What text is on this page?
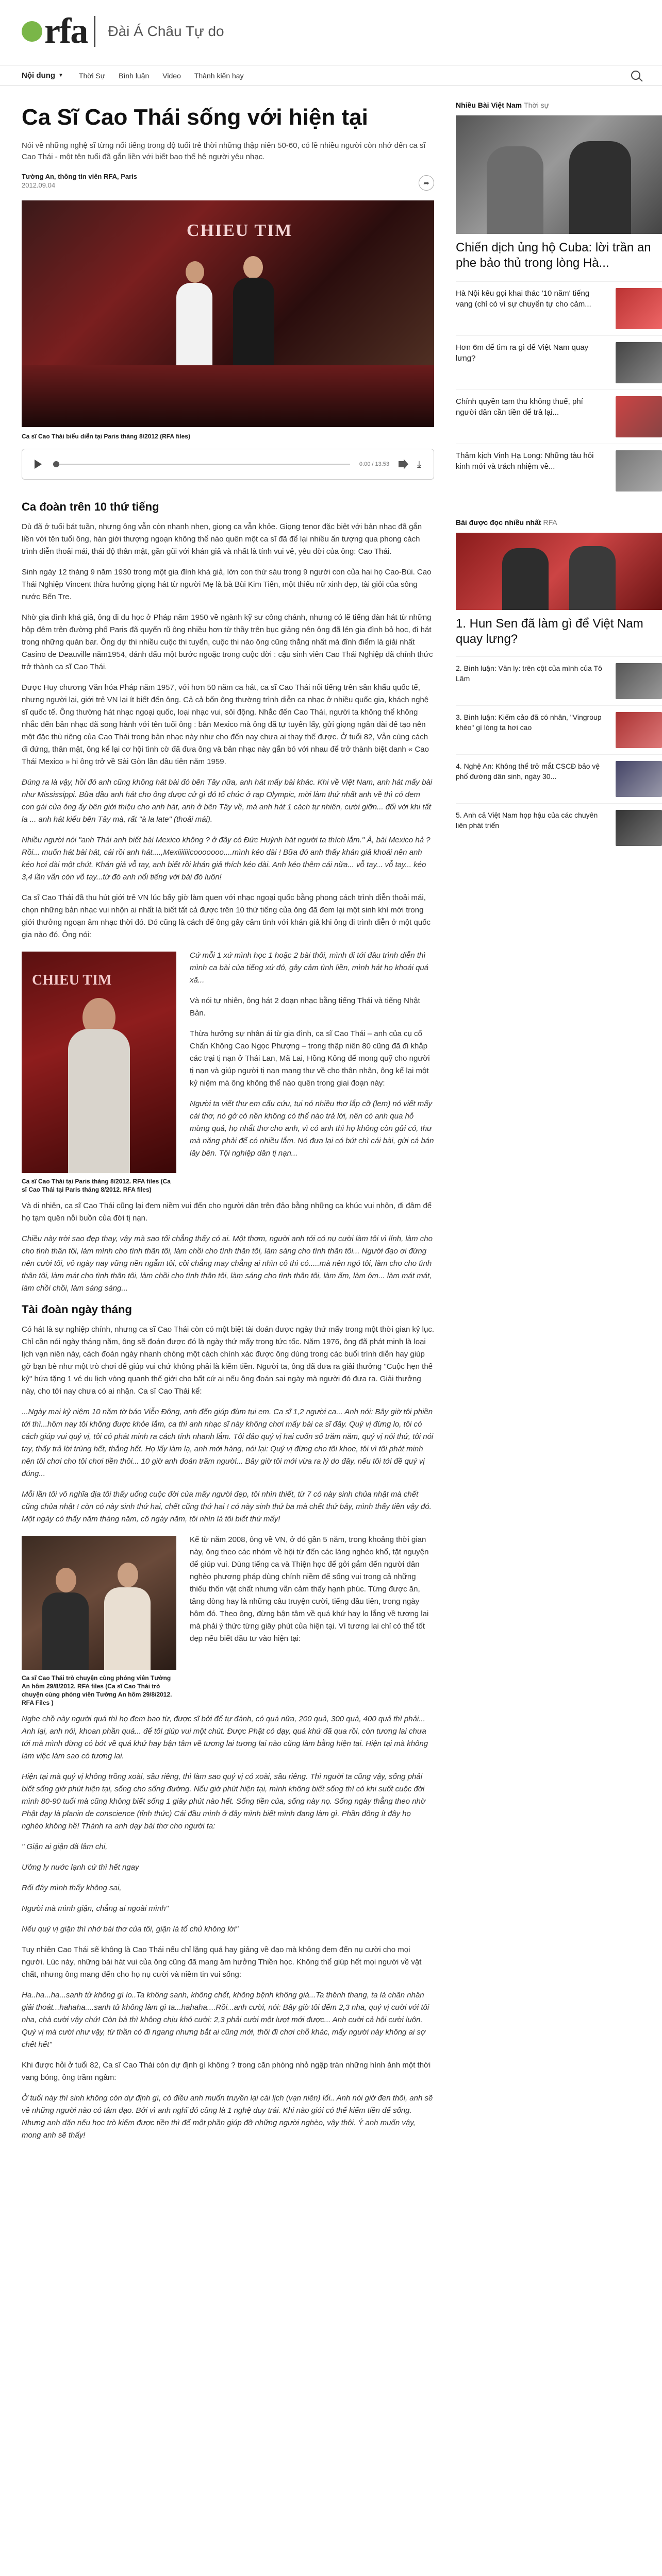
rfa Đài Á Châu Tự do
Nội dung ▼ Thời Sự Bình luận Video Thành kiến hay
Ca Sĩ Cao Thái sống với hiện tại

Nói về những nghệ sĩ từng nổi tiếng trong độ tuổi trẻ thời những thập niên 50-60, có lẽ nhiều người còn nhớ đến ca sĩ Cao Thái - một tên tuổi đã gắn liền với biết bao thế hệ người yêu nhạc.

Tường An, thông tin viên RFA, Paris
2012.09.04	➦
CHIEU TIM
Ca sĩ Cao Thái biểu diễn tại Paris tháng 8/2012 (RFA files)
0:00 / 13:53	⤓
Ca đoàn trên 10 thứ tiếng

Dù đã ở tuổi bát tuần, nhưng ông vẫn còn nhanh nhẹn, giọng ca vẫn khỏe. Giọng tenor đặc biệt với bản nhạc đã gắn liền với tên tuổi ông, hàn giới thượng ngoạn không thể nào quên một ca sĩ đã để lại nhiều ấn tượng qua phong cách trình diễn thoải mái, thái độ thân mật, gần gũi với khán giả và nhất là tính vui vẻ, yêu đời của ông: Cao Thái.

Sinh ngày 12 tháng 9 năm 1930 trong một gia đình khá giả, lớn con thứ sáu trong 9 người con của hai họ Cao-Bùi. Cao Thái Nghiệp Vincent thừa hưởng giọng hát từ người Mẹ là bà Bùi Kim Tiến, một thiếu nữ xinh đẹp, tài giỏi của sông nước Bến Tre.

Nhờ gia đình khá giả, ông đi du học ở Pháp năm 1950 về ngành kỹ sư công chánh, nhưng có lẽ tiếng đàn hát từ những hộp đêm trên đường phố Paris đã quyến rũ ông nhiều hơn từ thầy trên bục giảng nên ông đã lén gia đình bỏ học, đi hát trong những quán bar. Ông dự thi nhiều cuộc thi tuyển, cuộc thi nào ông cũng thắng nhất mà đỉnh điểm là giải nhất Casino de Deauville năm1954, đánh dấu một bước ngoặc trong cuộc đời : cậu sinh viên Cao Thái Nghiệp đã chính thức trở thành ca sĩ Cao Thái.

Được Huy chương Văn hóa Pháp năm 1957, với hơn 50 năm ca hát, ca sĩ Cao Thái nổi tiếng trên sân khấu quốc tế, nhưng người lại, giới trẻ VN lại ít biết đến ông. Cả cả bốn ông thường trình diễn ca nhạc ở nhiều quốc gia, khách nghệ sĩ quốc tế. Ông thường hát nhạc ngoại quốc, loại nhạc vui, sôi động. Nhắc đến Cao Thái, người ta không thể không nhắc đến bản nhạc đã song hành với tên tuổi ông : bản Mexico mà ông đã tự tuyển lấy, gửi giọng ngân dài để tạo nên một đặc thù riêng của Cao Thái trong bản nhạc này như cho đến nay chưa ai thay thế được. Ở tuổi 82, Vẫn cùng cách đi đứng, thân mật, ông kể lại cơ hội tình cờ đã đưa ông và bản nhạc này gắn bó với nhau để trở thành biệt danh « Cao Thái Mexico » hi ông trở về Sài Gòn lần đầu tiên năm 1959.

Đúng ra là vậy, hồi đó anh cũng không hát bài đó bên Tây nữa, anh hát mấy bài khác. Khi về Việt Nam, anh hát mấy bài như Mississippi. Bữa đầu anh hát cho ông được cử gì đó tổ chức ở rạp Olympic, mời làm thứ nhất anh về thì có đem con gái của ông ấy bên giới thiệu cho anh hát, anh ở bên Tây về, mà anh hát 1 cách tự nhiên, cười giỡn... đối với khi tất la ... anh hát kiểu bên Tây mà, rất "à la late" (thoải mái).

Nhiều người nói "anh Thái anh biết bài Mexico không ? ở đây có Đức Huỳnh hát người ta thích lắm." À, bài Mexico hả ? Rồi... muốn hát bài hát, cái rồi anh hát....,Mexiiiiiiicooooooo....mình kéo dài ! Bữa đó anh thấy khán giả khoái nên anh kéo hơi dài một chút. Khán giả vỗ tay, anh biết rồi khán giả thích kéo dài. Anh kéo thêm cái nữa... vỗ tay... vỗ tay... kéo 3,4 lần vẫn còn vỗ tay...từ đó anh nổi tiếng với bài đó luôn!

Ca sĩ Cao Thái đã thu hút giới trẻ VN lúc bấy giờ làm quen với nhạc ngoại quốc bằng phong cách trình diễn thoải mái, chọn những bản nhạc vui nhộn ai nhất là biết tất cả được trên 10 thứ tiếng của ông đã đem lại một sinh khí mới trong giới thưởng ngoạn âm nhạc thời đó. Đó cũng là cách để ông gây cảm tình với khán giả khi ông đi trình diễn ở một quốc gia nào đó. Ông nói:

CHIEU TIM
Ca sĩ Cao Thái tại Paris tháng 8/2012. RFA files (Ca sĩ Cao Thái tại Paris tháng 8/2012. RFA files)

Cứ mỗi 1 xứ mình học 1 hoặc 2 bài thôi, mình đi tới đâu trình diễn thì mình ca bài của tiếng xứ đó, gây cảm tình liền, mình hát họ khoái quá xã...

Và nói tự nhiên, ông hát 2 đoạn nhạc bằng tiếng Thái và tiếng Nhật Bản.

Thừa hưởng sự nhân ái từ gia đình, ca sĩ Cao Thái – anh của cụ cố Chấn Không Cao Ngọc Phượng – trong thập niên 80 cũng đã đi khắp các trại tị nạn ở Thái Lan, Mã Lai, Hồng Kông để mong quỹ cho người tị nạn và giúp người tị nạn mang thư về cho thân nhân, ông kể lại một kỷ niệm mà ông không thể nào quên trong giai đoạn này:

Người ta viết thư em cấu cứu, tụi nó nhiều thơ lắp cỡ (lem) nó viết mấy cái thơ, nó gở có nền không có thể nào trả lời, nên có anh qua hỗ mừng quá, họ nhắt thơ cho anh, vì có anh thì họ không còn gửi có, thư mà năng phải để có nhiều lắm. Nó đưa lại có bút chì cái bài, gửi cá bán lây bên. Tội nghiệp dân tị nạn...

Và di nhiên, ca sĩ Cao Thái cũng lại đem niềm vui đến cho người dân trên đảo bằng những ca khúc vui nhộn, đi đâm để họ tạm quên nỗi buồn của đời tị nạn.

Chiều này trời sao đẹp thay, vậy mà sao tối chẳng thấy có ai. Một thơm, người anh tới có nụ cười làm tôi vì lính, làm cho cho tình thân tôi, làm mình cho tình thân tôi, làm chồi cho tình thân tôi, làm sáng cho tình thân tôi... Người đạo ơi đừng nên cười tôi, vô ngày nay vững nền ngẫm tôi, cồi chẳng may chẳng ai nhìn cô thì có.....mà nên ngó tôi, làm cho cho tình thân tôi, làm mát cho tình thân tôi, làm chồi cho tình thân tôi, làm sáng cho tình thân tôi, làm ấm, làm ôm... làm mát mát, làm chồi chồi, làm sáng sáng...

Tài đoàn ngày tháng

Có hát là sự nghiệp chính, nhưng ca sĩ Cao Thái còn có một biệt tài đoán được ngày thứ mấy trong một thời gian kỷ lục. Chỉ cần nói ngày tháng năm, ông sẽ đoán được đó là ngày thứ mấy trong tức tốc. Năm 1976, ông đã phát minh là loại lịch vạn niên này, cách đoán ngày nhanh chóng một cách chính xác được ông dùng trong các buổi trình diễn hay giúp gỡ bạn bè như một trò chơi để giúp vui chứ không phải là kiếm tiền. Người ta, ông đã đưa ra giải thưởng "Cuộc hẹn thế kỷ" hứa tặng 1 vé du lịch vòng quanh thế giới cho bất cứ ai nếu ông đoán sai ngày mà người đó đưa ra. Giải thưởng này, cho tới nay chưa có ai nhận. Ca sĩ Cao Thái kể:

...Ngày mai kỷ niệm 10 năm tờ báo Viễn Đông, anh đến giúp đùm tụi em. Ca sĩ 1,2 người ca... Anh nói: Bây giờ tôi phiền tới thì...hôm nay tôi không được khỏe lắm, ca thì anh nhạc sĩ này không chơi mấy bài ca sĩ đây. Quý vị đừng lo, tôi có cách giúp vui quý vị, tôi có phát minh ra cách tính nhanh lắm. Tôi đảo quý vị hai cuốn sổ trăm năm, quý vị nói thứ, tôi nói tay, thấy trả lời trúng hết, thắng hết. Họ lấy làm lạ, anh mới hàng, nói lại: Quý vị đừng cho tôi khoe, tôi vì tôi phát minh nên tôi chơi cho tôi chơi tiền thôi... 10 giờ anh đoán trăm người... Bây giờ tôi mới vừa ra lý do đây, nếu tôi tới đề quý vị đúng...

Mỗi lần tôi vô nghĩa địa tôi thấy uống cuộc đời của mấy người đẹp, tôi nhìn thiết, từ 7 có này sinh chủa nhật mà chết cũng chủa nhật ! còn có này sinh thứ hai, chết cũng thứ hai ! có này sinh thứ ba mà chết thứ bảy, mình thấy tiền vậy đó. Một ngày có thấy năm tháng năm, cô ngày năm, tôi nhìn là tôi biết thứ mấy!

Ca sĩ Cao Thái trò chuyện cùng phóng viên Tường An hôm 29/8/2012. RFA files (Ca sĩ Cao Thái trò chuyện cùng phóng viên Tường An hôm 29/8/2012. RFA Files )

Kể từ năm 2008, ông về VN, ở đó gần 5 năm, trong khoảng thời gian này, ông theo các nhóm về hội từ đến các làng nghèo khổ, tặt nguyện để giúp vui. Dùng tiếng ca và Thiện học để gởi gắm đến người dân nghèo phương pháp dùng chính niềm để sống vui trong cả những thiếu thốn vật chất nhưng vẫn cảm thấy hạnh phúc. Từng được ăn, tâng đòng hay là những câu truyện cười, tiếng đầu tiên, trong ngày hôm đó. Theo ông, đừng bận tâm về quá khứ hay lo lắng về tương lai mà phải ý thức từng giây phút của hiện tại. Vì tương lai chỉ có thể tốt đẹp nếu biết đầu tư vào hiện tại:

Nghe chồ này người quá thì họ đem bao từ, được sĩ bởi để tự đánh, có quá nữa, 200 quả, 300 quả, 400 quả thì phải... Anh lại, anh nói, khoan phần quá... để tôi giúp vui một chút. Được Phật có dạy, quá khứ đã qua rồi, còn tương lai chưa tới mà mình đừng có bớt về quá khứ hay bận tâm về tương lai tương lai nào cũng làm bằng hiện tại. Hiện tại mà không làm việc làm sao có tương lai.

Hiện tại mà quý vị không trồng xoài, sầu riêng, thì làm sao quý vị có xoài, sầu riêng. Thì người ta cũng vậy, sống phải biết sống giờ phút hiện tại, sống cho sống đường. Nếu giờ phút hiện tại, mình không biết sống thì có khi suốt cuộc đời mình 80-90 tuổi mà cũng không biết sống 1 giây phút nào hết. Sống tiền của, sống này nọ. Sống ngày thẳng theo nhờ Phật dạy là planin de conscience (tỉnh thức) Cái đầu mình ở đây mình biết mình đang làm gì. Phần đông ít đây họ nghèo không hề! Thành ra anh dạy bài thơ cho người ta:

" Giận ai giận đã lâm chi,

Ưởng ly nước lạnh cứ thì hết ngay

Rối đây mình thấy không sai,

Người mà mình giận, chẳng ai ngoài mình"

Nếu quý vị giận thì nhớ bài thơ của tôi, giận là tổ chủ không lời"

Tuy nhiên Cao Thái sẽ không là Cao Thái nếu chỉ lặng quá hay giảng về đạo mà không đem đến nụ cười cho mọi người. Lúc này, những bài hát vui của ông cũng đã mang âm hưởng Thiền học. Không thể giúp hết mọi người về vật chất, nhưng ông mang đến cho họ nụ cười và niềm tin vui sống:

Ha..ha...ha...sanh tử không gì lo..Ta không sanh, không chết, không bệnh không già...Ta thênh thang, ta là chân nhân giải thoát...hahaha....sanh tử không làm gì ta...hahaha....Rồi...anh cười, nói: Bây giờ tôi đếm 2,3 nha, quý vị cười với tôi nha, chà cười vậy chứ! Còn bà thì không chịu khó cười: 2,3 phải cười một lượt mới được... Anh cười cả hội cười luôn. Quý vị mà cười như vậy, từ thần có đi ngang nhưng bắt ai cũng mới, thôi đi chơi chỗ khác, mấy người này không ai sợ chết hết"

Khi được hỏi ở tuổi 82, Ca sĩ Cao Thái còn dự định gì không ? trong căn phòng nhỏ ngập tràn những hình ảnh một thời vang bóng, ông trầm ngâm:

Ở tuổi này thì sinh không còn dự định gì, có điều anh muốn truyền lại cái lịch (vạn niên) lối.. Anh nói giờ đen thôi, anh sẽ về những người nào có tâm đạo. Bởi vì anh nghĩ đó cũng là 1 nghệ duy trái. Khi nào giới có thể kiếm tiền để sống. Nhưng anh dặn nếu học trò kiếm được tiền thì để một phần giúp đỡ những người nghèo, vậy thôi. Ý anh muốn vậy, mong anh sẽ thấy!

Nhiều Bài Việt Nam Thời sự
Chiến dịch ủng hộ Cuba: lời trần an phe bảo thủ trong lòng Hà...
Hà Nội kêu gọi khai thác '10 năm' tiếng vang (chỉ có vì sự chuyển tự cho cảm...
Hơn 6m để tìm ra gì để Việt Nam quay lưng?
Chính quyền tạm thu không thuế, phí người dân cần tiền để trả lại...
Thảm kịch Vinh Hạ Long: Những tàu hỏi kinh mới và trách nhiệm về...
Bài được đọc nhiều nhất RFA
1. Hun Sen đã làm gì để Việt Nam quay lưng?
2. Bình luận: Văn ly: trên cột của mình của Tô Lâm
3. Bình luận: Kiếm cảo đã có nhân, "Vingroup khéo" gì lòng ta hơi cao
4. Nghệ An: Không thể trở mắt CSCĐ bảo vệ phố đường dân sinh, ngày 30...
5. Anh cả Việt Nam họp hậu của các chuyên liên phát triển
